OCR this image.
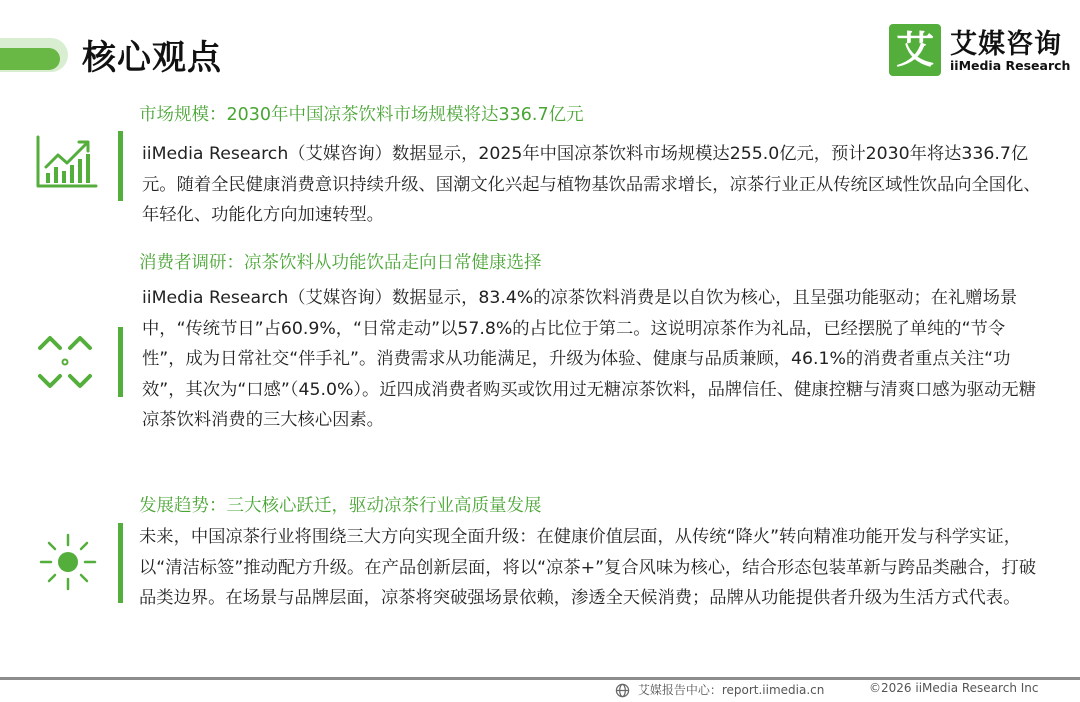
核心观点	艾 艾媒咨询
iiMedia Research
市场规模：2030年中国凉茶饮料市场规模将达336.7亿元

iiMedia Research（艾媒咨询）数据显示，2025年中国凉茶饮料市场规模达255.0亿元，预计2030年将达336.7亿元。随着全民健康消费意识持续升级、国潮文化兴起与植物基饮品需求增长，凉茶行业正从传统区域性饮品向全国化、年轻化、功能化方向加速转型。

消费者调研：凉茶饮料从功能饮品走向日常健康选择

iiMedia Research（艾媒咨询）数据显示，83.4%的凉茶饮料消费是以自饮为核心，且呈强功能驱动；在礼赠场景中，“传统节日”占60.9%，“日常走动”以57.8%的占比位于第二。这说明凉茶作为礼品，已经摆脱了单纯的“节令性”，成为日常社交“伴手礼”。消费需求从功能满足，升级为体验、健康与品质兼顾，46.1%的消费者重点关注“功效”，其次为“口感”（45.0%）。近四成消费者购买或饮用过无糖凉茶饮料，品牌信任、健康控糖与清爽口感为驱动无糖凉茶饮料消费的三大核心因素。

发展趋势：三大核心跃迁，驱动凉茶行业高质量发展

未来，中国凉茶行业将围绕三大方向实现全面升级：在健康价值层面，从传统“降火”转向精准功能开发与科学实证，以“清洁标签”推动配方升级。在产品创新层面，将以“凉茶+”复合风味为核心，结合形态包装革新与跨品类融合，打破品类边界。在场景与品牌层面，凉茶将突破强场景依赖，渗透全天候消费；品牌从功能提供者升级为生活方式代表。

艾媒报告中心：report.iimedia.cn	©2026 iiMedia Research Inc
